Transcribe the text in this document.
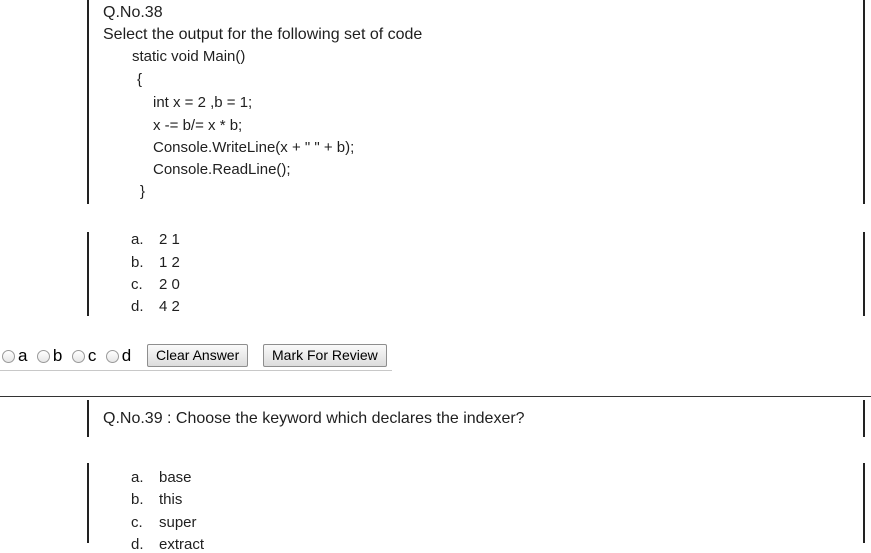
Q.No.38
Select the output for the following set of code
static void Main()
{
int x = 2 ,b = 1;
x -= b/= x * b;
Console.WriteLine(x + " " + b);
Console.ReadLine();
}
a. 2 1
b. 1 2
c. 2 0
d. 4 2
a b c d	Clear Answer	Mark For Review
Q.No.39 : Choose the keyword which declares the indexer?
a. base
b. this
c. super
d. extract
